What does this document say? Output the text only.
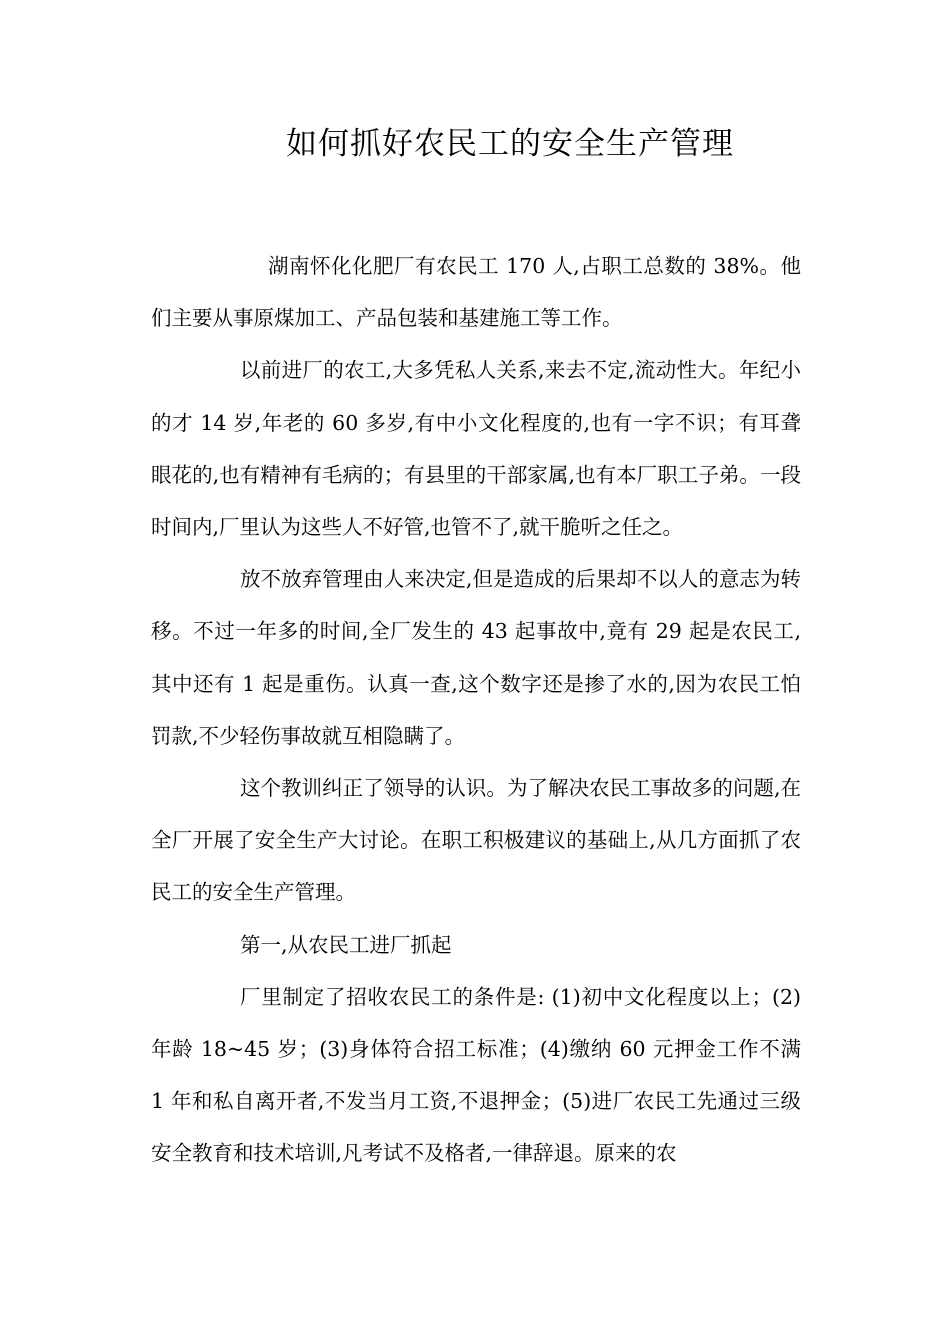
如何抓好农民工的安全生产管理

湖南怀化化肥厂有农民工 170 人,占职工总数的 38%。他们主要从事原煤加工、产品包装和基建施工等工作。

以前进厂的农工,大多凭私人关系,来去不定,流动性大。年纪小的才 14 岁,年老的 60 多岁,有中小文化程度的,也有一字不识；有耳聋眼花的,也有精神有毛病的；有县里的干部家属,也有本厂职工子弟。一段时间内,厂里认为这些人不好管,也管不了,就干脆听之任之。

放不放弃管理由人来决定,但是造成的后果却不以人的意志为转移。不过一年多的时间,全厂发生的 43 起事故中,竟有 29 起是农民工,其中还有 1 起是重伤。认真一查,这个数字还是掺了水的,因为农民工怕罚款,不少轻伤事故就互相隐瞒了。

这个教训纠正了领导的认识。为了解决农民工事故多的问题,在全厂开展了安全生产大讨论。在职工积极建议的基础上,从几方面抓了农民工的安全生产管理。

第一,从农民工进厂抓起

厂里制定了招收农民工的条件是: (1)初中文化程度以上；(2)年龄 18~45 岁；(3)身体符合招工标准；(4)缴纳 60 元押金工作不满 1 年和私自离开者,不发当月工资,不退押金；(5)进厂农民工先通过三级安全教育和技术培训,凡考试不及格者,一律辞退。原来的农
